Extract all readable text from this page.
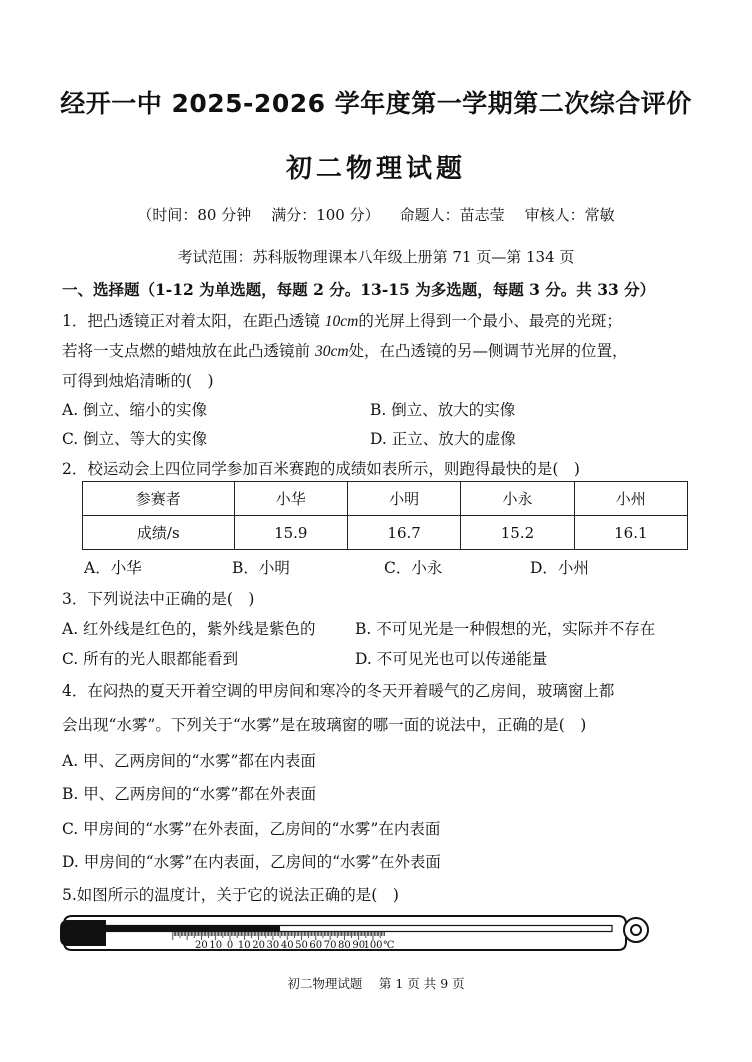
经开一中 2025-2026 学年度第一学期第二次综合评价
初二物理试题
（时间：80 分钟 满分：100 分） 命题人：苗志莹 审核人：常敏
考试范围：苏科版物理课本八年级上册第 71 页—第 134 页
一、选择题（1-12 为单选题，每题 2 分。13-15 为多选题，每题 3 分。共 33 分）
1．把凸透镜正对着太阳，在距凸透镜 10cm的光屏上得到一个最小、最亮的光斑；
若将一支点燃的蜡烛放在此凸透镜前 30cm处，在凸透镜的另—侧调节光屏的位置，
可得到烛焰清晰的(　)
A. 倒立、缩小的实像	B. 倒立、放大的实像
C. 倒立、等大的实像	D. 正立、放大的虚像
2．校运动会上四位同学参加百米赛跑的成绩如表所示，则跑得最快的是(　)
参赛者	小华	小明	小永	小州
成绩/s	15.9	16.7	15.2	16.1
A．小华	B．小明	C．小永	D．小州
3．下列说法中正确的是(　)
A. 红外线是红色的，紫外线是紫色的	B. 不可见光是一种假想的光，实际并不存在
C. 所有的光人眼都能看到	D. 不可见光也可以传递能量
4．在闷热的夏天开着空调的甲房间和寒冷的冬天开着暖气的乙房间，玻璃窗上都
会出现“水雾”。下列关于“水雾”是在玻璃窗的哪一面的说法中，正确的是(　)
A. 甲、乙两房间的“水雾”都在内表面
B. 甲、乙两房间的“水雾”都在外表面
C. 甲房间的“水雾”在外表面，乙房间的“水雾”在内表面
D. 甲房间的“水雾”在内表面，乙房间的“水雾”在外表面
5.如图所示的温度计，关于它的说法正确的是(　)
20 10 0 10 20 30 40 50 60 70 80 90
100 ℃
初二物理试题　 第 1 页 共 9 页
